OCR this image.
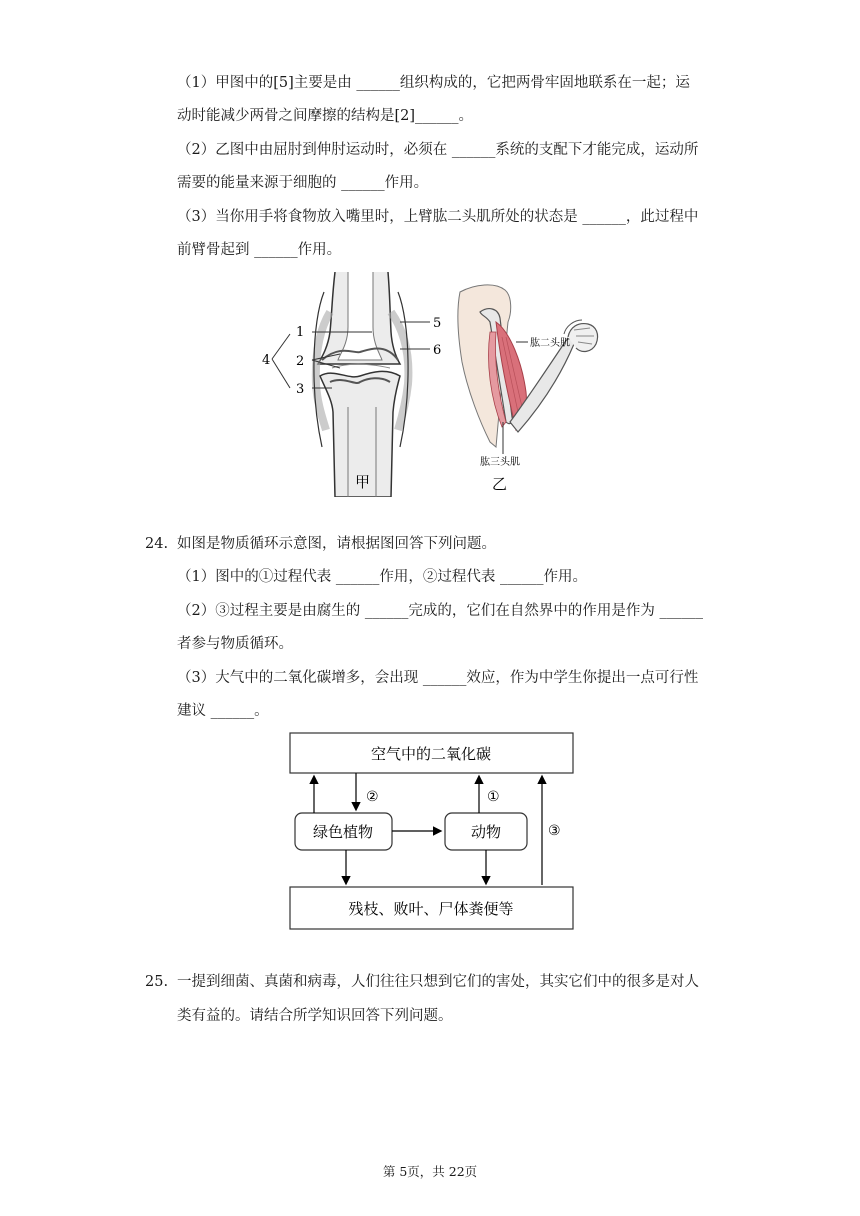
（1）甲图中的[5]主要是由 ______组织构成的，它把两骨牢固地联系在一起；运
动时能减少两骨之间摩擦的结构是[2]______。
（2）乙图中由屈肘到伸肘运动时，必须在 ______系统的支配下才能完成，运动所
需要的能量来源于细胞的 ______作用。
（3）当你用手将食物放入嘴里时，上臂肱二头肌所处的状态是 ______，此过程中
前臂骨起到 ______作用。
1
2
3
4
5
6
甲
肱二头肌
肱三头肌
乙
24. 如图是物质循环示意图，请根据图回答下列问题。
（1）图中的①过程代表 ______作用，②过程代表 ______作用。
（2）③过程主要是由腐生的 ______完成的，它们在自然界中的作用是作为 ______
者参与物质循环。
（3）大气中的二氧化碳增多，会出现 ______效应，作为中学生你提出一点可行性
建议 ______。
空气中的二氧化碳
绿色植物	动物
残枝、败叶、尸体粪便等
②	①
③
25. 一提到细菌、真菌和病毒，人们往往只想到它们的害处，其实它们中的很多是对人
类有益的。请结合所学知识回答下列问题。
第 5页，共 22页
